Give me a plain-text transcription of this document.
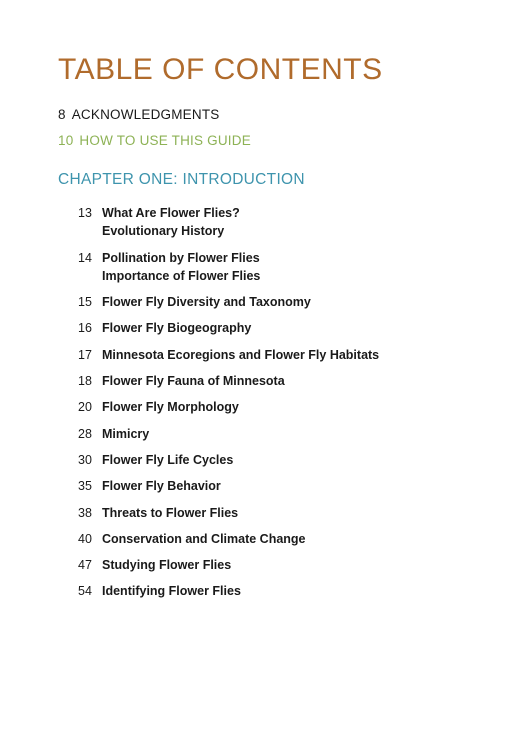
TABLE OF CONTENTS
8 ACKNOWLEDGMENTS
10 HOW TO USE THIS GUIDE
CHAPTER ONE: INTRODUCTION
13 What Are Flower Flies?
Evolutionary History
14 Pollination by Flower Flies
Importance of Flower Flies
15 Flower Fly Diversity and Taxonomy
16 Flower Fly Biogeography
17 Minnesota Ecoregions and Flower Fly Habitats
18 Flower Fly Fauna of Minnesota
20 Flower Fly Morphology
28 Mimicry
30 Flower Fly Life Cycles
35 Flower Fly Behavior
38 Threats to Flower Flies
40 Conservation and Climate Change
47 Studying Flower Flies
54 Identifying Flower Flies
